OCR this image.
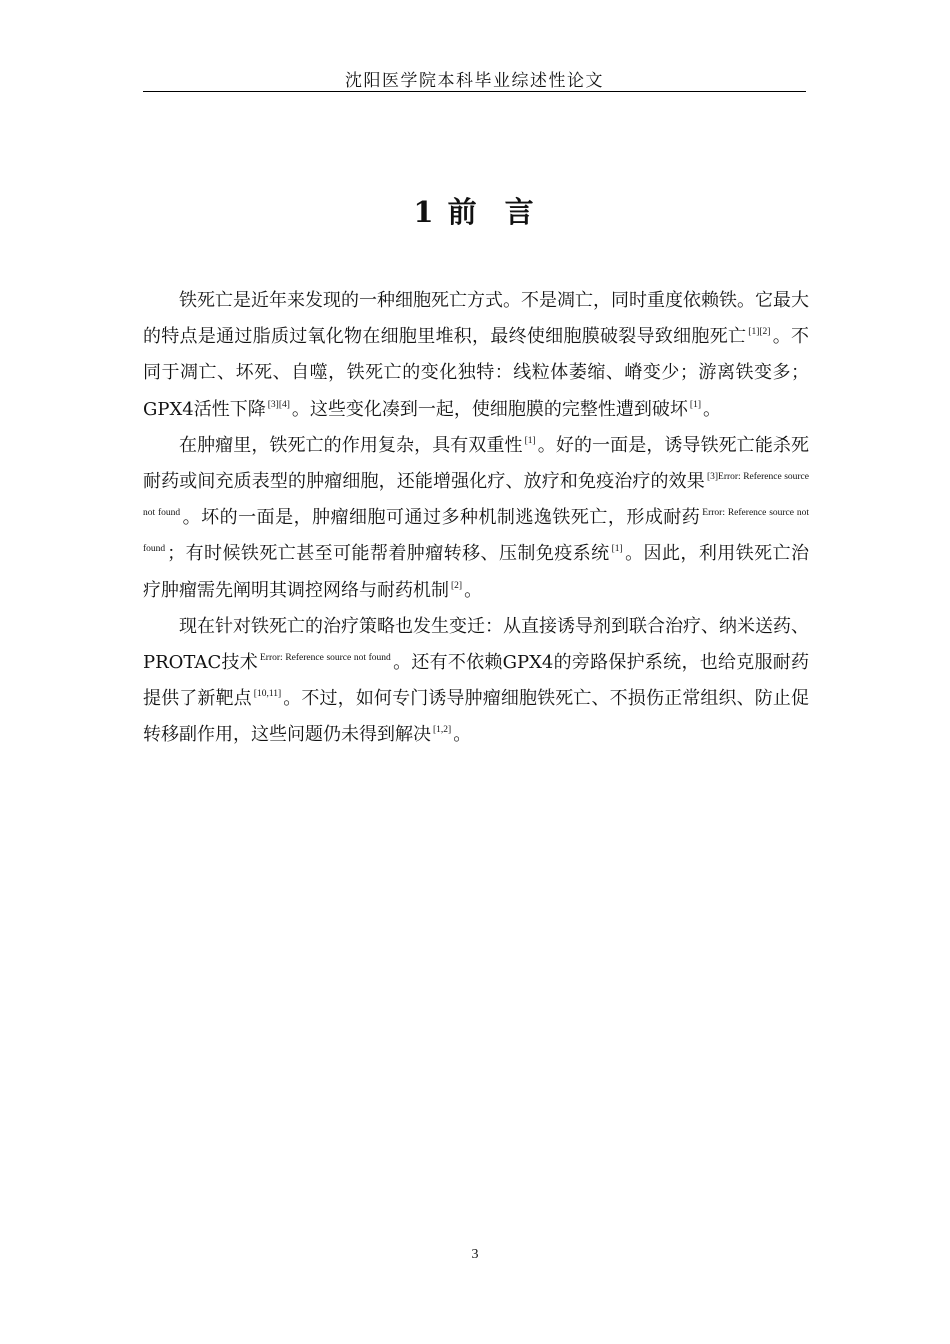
沈阳医学院本科毕业综述性论文
1 前 言

铁死亡是近年来发现的一种细胞死亡方式。不是凋亡，同时重度依赖铁。它最大的特点是通过脂质过氧化物在细胞里堆积，最终使细胞膜破裂导致细胞死亡 [1][2] 。不同于凋亡、坏死、自噬，铁死亡的变化独特：线粒体萎缩、嵴变少；游离铁变多；GPX4活性下降 [3][4] 。这些变化凑到一起，使细胞膜的完整性遭到破坏 [1] 。

在肿瘤里，铁死亡的作用复杂，具有双重性 [1] 。好的一面是，诱导铁死亡能杀死耐药或间充质表型的肿瘤细胞，还能增强化疗、放疗和免疫治疗的效果 $^{[3]Error: Reference source not found}$ 。坏的一面是，肿瘤细胞可通过多种机制逃逸铁死亡，形成耐药 $^{Error: Reference source not found}$ ；有时候铁死亡甚至可能帮着肿瘤转移、压制免疫系统 [1] 。因此，利用铁死亡治疗肿瘤需先阐明其调控网络与耐药机制 [2] 。

现在针对铁死亡的治疗策略也发生变迁：从直接诱导剂到联合治疗、纳米送药、PROTAC技术 $^{Error: Reference source not found}$ 。还有不依赖GPX4的旁路保护系统，也给克服耐药提供了新靶点 [10,11] 。不过，如何专门诱导肿瘤细胞铁死亡、不损伤正常组织、防止促转移副作用，这些问题仍未得到解决 [1,2] 。

3
